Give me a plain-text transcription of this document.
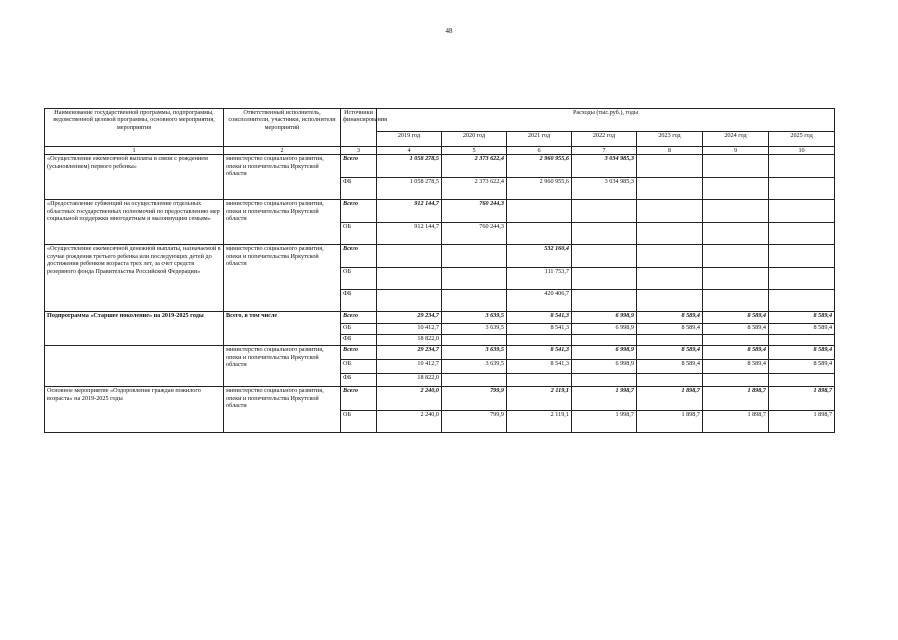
48
Наименование государственной программы, подпрограммы, ведомственной целевой программы, основного мероприятия, мероприятия	Ответственный исполнитель, соисполнители, участники, исполнители мероприятий	Источники финансирования	Расходы (тыс.руб.), годы						
			2019 год	2020 год	2021 год	2022 год	2023 год	2024 год	2025 год
1	2	3	4	5	6	7	8	9	10
«Осуществление ежемесячной выплаты в связи с рождением (усыновлением) первого ребенка»	министерство социального развития, опеки и попечительства Иркутской области	Всего	1 058 278,5	2 373 622,4	2 960 955,6	3 034 985,3			
		ФБ	1 058 278,5	2 373 622,4	2 960 955,6	3 034 985,3			
«Предоставление субвенций на осуществление отдельных областных государственных полномочий по предоставлению мер социальной поддержки многодетным и малоимущим семьям»	министерство социального развития, опеки и попечительства Иркутской области	Всего	912 144,7	760 244,3					
		ОБ	912 144,7	760 244,3					
«Осуществление ежемесячной денежной выплаты, назначаемой в случае рождения третьего ребенка или последующих детей до достижения ребенком возраста трех лет, за счет средств резервного фонда Правительства Российской Федерации»	министерство социального развития, опеки и попечительства Иркутской области	Всего			532 160,4				
		ОБ			111 753,7				
		ФБ			420 406,7				
Подпрограмма «Старшее поколение» на 2019-2025 годы	Всего, в том числе	Всего	29 234,7	3 639,5	8 541,3	6 998,9	8 589,4	8 589,4	8 589,4
		ОБ	10 412,7	3 639,5	8 541,3	6 998,9	8 589,4	8 589,4	8 589,4
		ФБ	18 822,0						
	министерство социального развития, опеки и попечительства Иркутской области	Всего	29 234,7	3 639,5	8 541,3	6 998,9	8 589,4	8 589,4	8 589,4
		ОБ	10 412,7	3 639,5	8 541,3	6 998,9	8 589,4	8 589,4	8 589,4
		ФБ	18 822,0						
Основное мероприятие «Оздоровление граждан пожилого возраста» на 2019-2025 годы	министерство социального развития, опеки и попечительства Иркутской области	Всего	2 240,0	799,9	2 119,1	1 998,7	1 898,7	1 898,7	1 898,7
		ОБ	2 240,0	799,9	2 119,1	1 998,7	1 898,7	1 898,7	1 898,7
